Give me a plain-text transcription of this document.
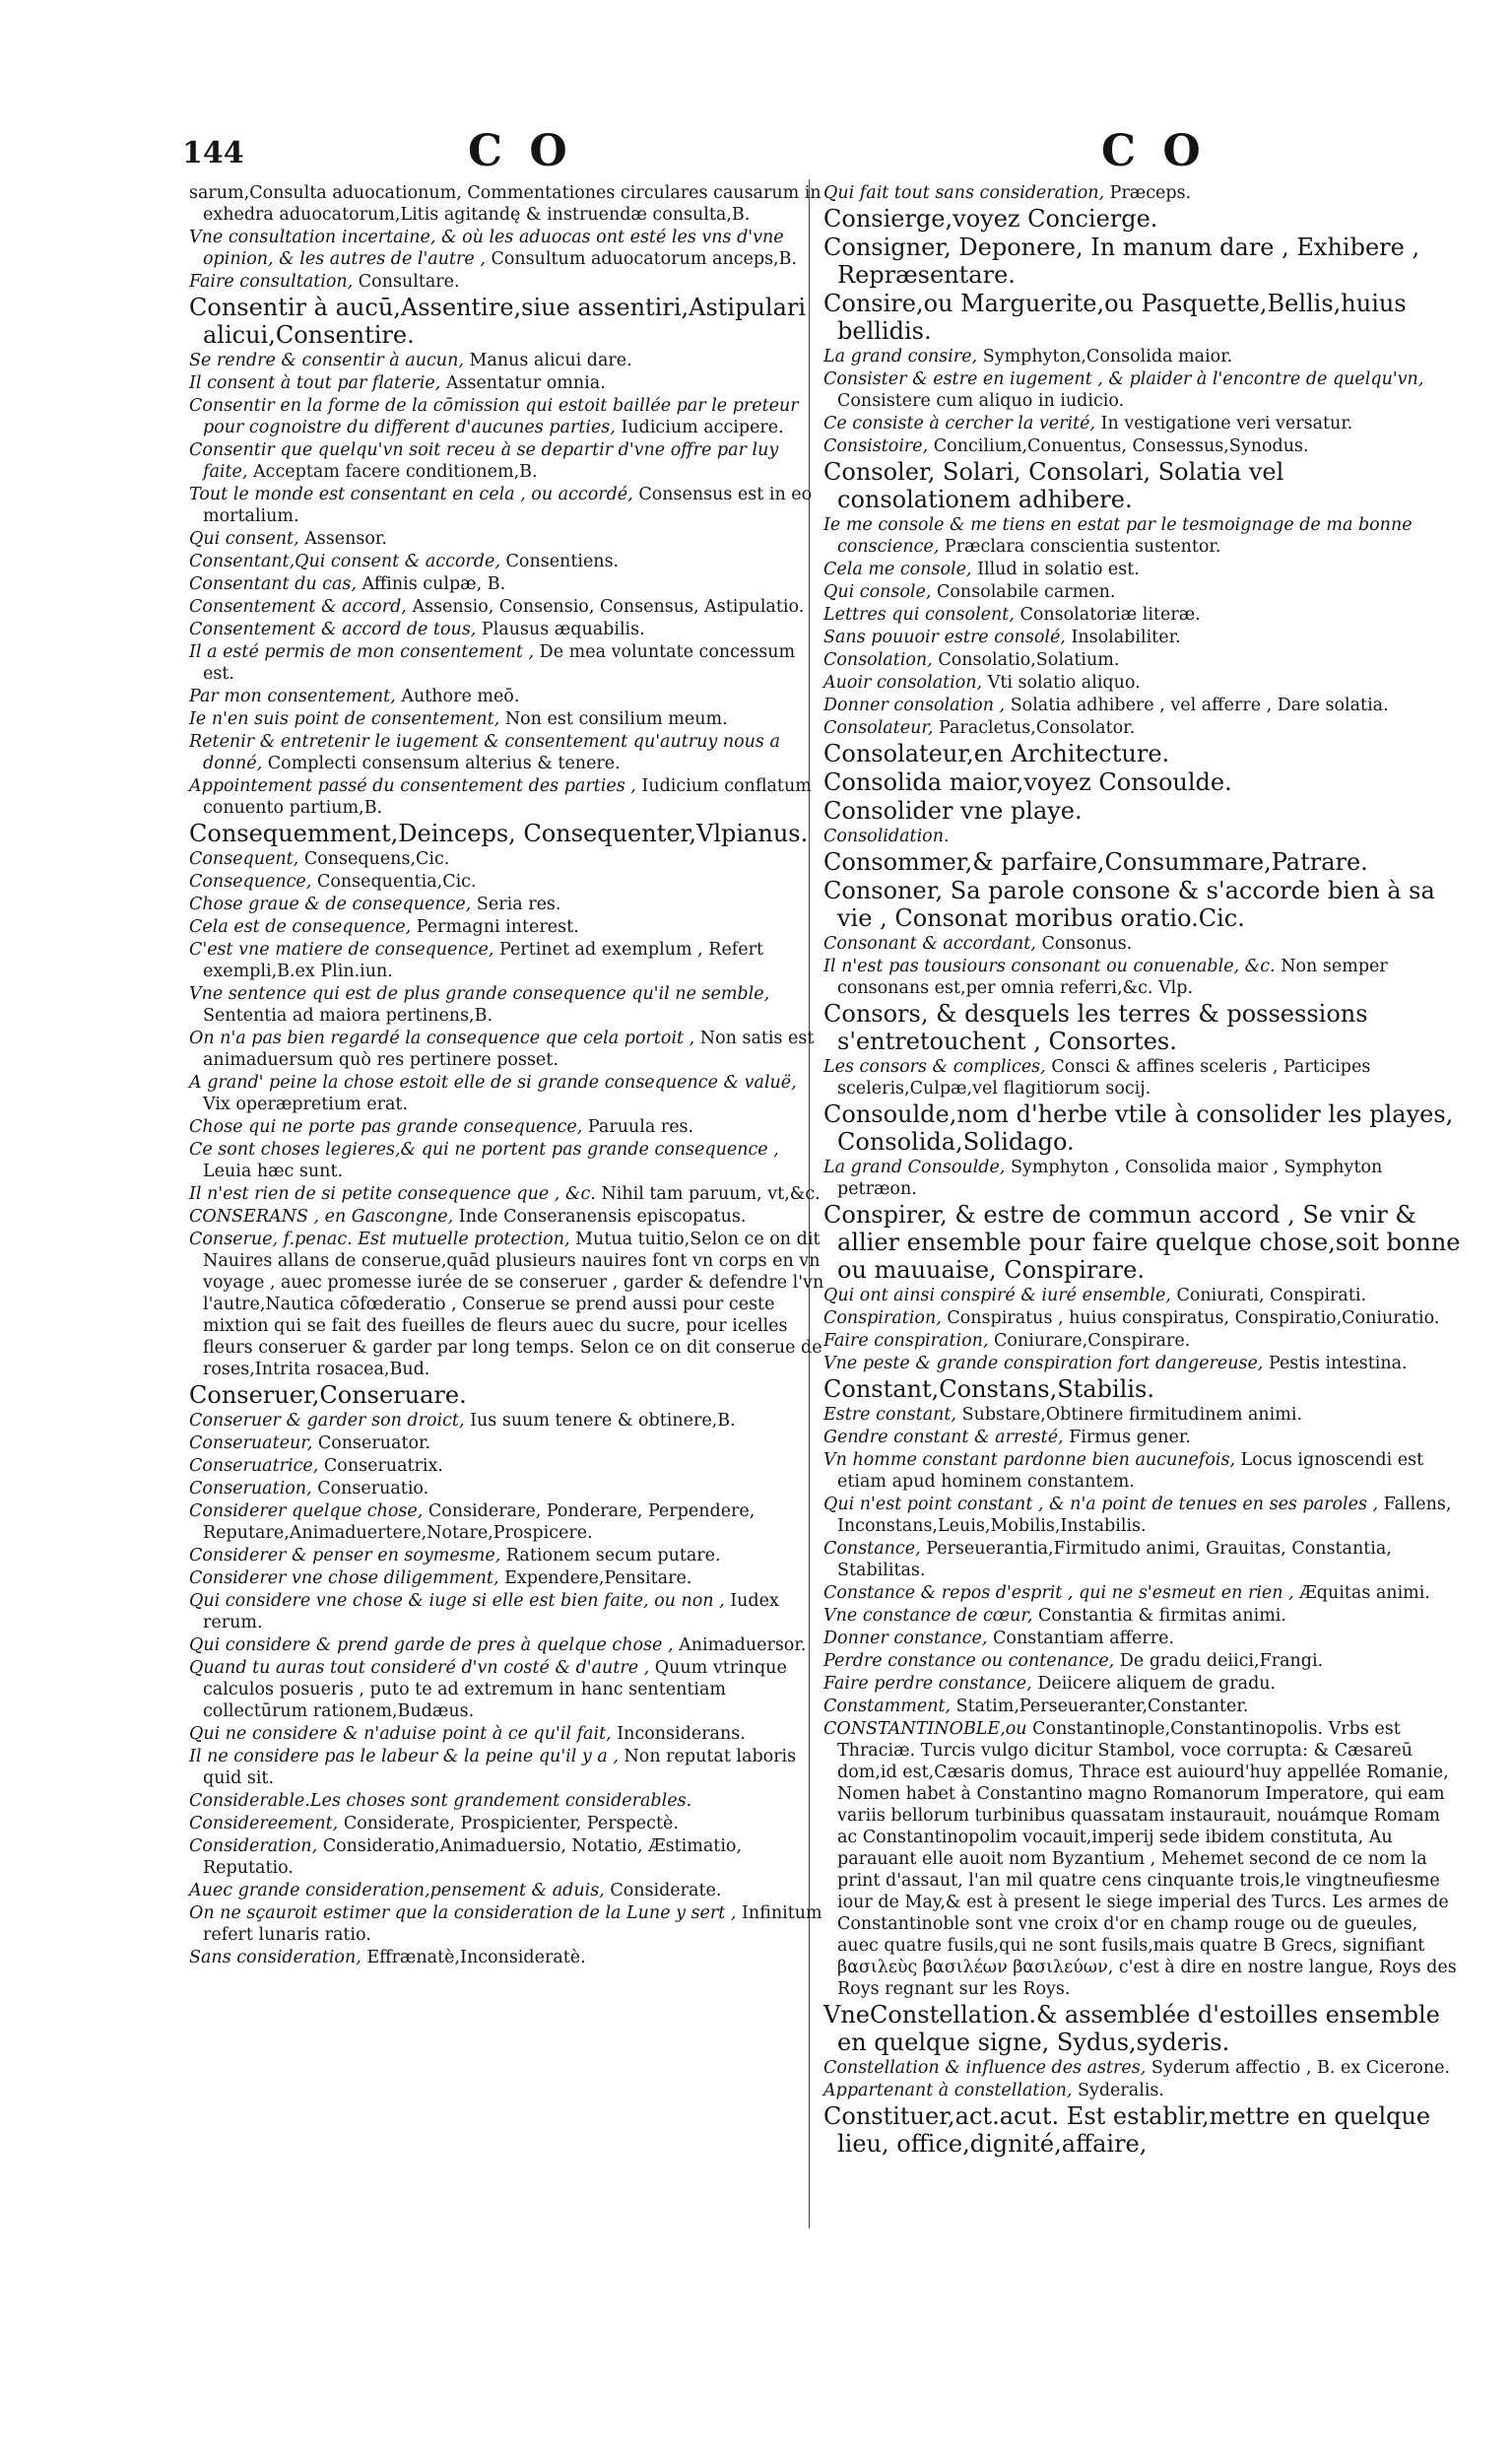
144	C O	C O
sarum,Consulta aduocationum, Commentationes circulares causarum in exhedra aduocatorum,Litis agitandę & instruendæ consulta,B.
Vne consultation incertaine, & où les aduocas ont esté les vns d'vne opinion, & les autres de l'autre , Consultum aduocatorum anceps,B.
Faire consultation, Consultare.
Consentir à aucū,Assentire,siue assentiri,Astipulari alicui,Consentire.
Se rendre & consentir à aucun, Manus alicui dare.
Il consent à tout par flaterie, Assentatur omnia.
Consentir en la forme de la cōmission qui estoit baillée par le preteur pour cognoistre du different d'aucunes parties, Iudicium accipere.
Consentir que quelqu'vn soit receu à se departir d'vne offre par luy faite, Acceptam facere conditionem,B.
Tout le monde est consentant en cela , ou accordé, Consensus est in eo mortalium.
Qui consent, Assensor.
Consentant,Qui consent & accorde, Consentiens.
Consentant du cas, Affinis culpæ, B.
Consentement & accord, Assensio, Consensio, Consensus, Astipulatio.
Consentement & accord de tous, Plausus æquabilis.
Il a esté permis de mon consentement , De mea voluntate concessum est.
Par mon consentement, Authore meō.
Ie n'en suis point de consentement, Non est consilium meum.
Retenir & entretenir le iugement & consentement qu'autruy nous a donné, Complecti consensum alterius & tenere.
Appointement passé du consentement des parties , Iudicium conflatum conuento partium,B.
Consequemment,Deinceps, Consequenter,Vlpianus.
Consequent, Consequens,Cic.
Consequence, Consequentia,Cic.
Chose graue & de consequence, Seria res.
Cela est de consequence, Permagni interest.
C'est vne matiere de consequence, Pertinet ad exemplum , Refert exempli,B.ex Plin.iun.
Vne sentence qui est de plus grande consequence qu'il ne semble, Sententia ad maiora pertinens,B.
On n'a pas bien regardé la consequence que cela portoit , Non satis est animaduersum quò res pertinere posset.
A grand' peine la chose estoit elle de si grande consequence & valuë, Vix operæpretium erat.
Chose qui ne porte pas grande consequence, Paruula res.
Ce sont choses legieres,& qui ne portent pas grande consequence , Leuia hæc sunt.
Il n'est rien de si petite consequence que , &c. Nihil tam paruum, vt,&c.
CONSERANS , en Gascongne, Inde Conseranensis episcopatus.
Conserue, f.penac. Est mutuelle protection, Mutua tuitio,Selon ce on dit Nauires allans de conserue,quād plusieurs nauires font vn corps en vn voyage , auec promesse iurée de se conseruer , garder & defendre l'vn l'autre,Nautica cōfœderatio , Conserue se prend aussi pour ceste mixtion qui se fait des fueilles de fleurs auec du sucre, pour icelles fleurs conseruer & garder par long temps. Selon ce on dit conserue de roses,Intrita rosacea,Bud.
Conseruer,Conseruare.
Conseruer & garder son droict, Ius suum tenere & obtinere,B.
Conseruateur, Conseruator.
Conseruatrice, Conseruatrix.
Conseruation, Conseruatio.
Considerer quelque chose, Considerare, Ponderare, Perpendere, Reputare,Animaduertere,Notare,Prospicere.
Considerer & penser en soymesme, Rationem secum putare.
Considerer vne chose diligemment, Expendere,Pensitare.
Qui considere vne chose & iuge si elle est bien faite, ou non , Iudex rerum.
Qui considere & prend garde de pres à quelque chose , Animaduersor.
Quand tu auras tout consideré d'vn costé & d'autre , Quum vtrinque calculos posueris , puto te ad extremum in hanc sententiam collectūrum rationem,Budæus.
Qui ne considere & n'aduise point à ce qu'il fait, Inconsiderans.
Il ne considere pas le labeur & la peine qu'il y a , Non reputat laboris quid sit.
Considerable.Les choses sont grandement considerables.
Considereement, Considerate, Prospicienter, Perspectè.
Consideration, Consideratio,Animaduersio, Notatio, Æstimatio, Reputatio.
Auec grande consideration,pensement & aduis, Considerate.
On ne sçauroit estimer que la consideration de la Lune y sert , Infinitum refert lunaris ratio.
Sans consideration, Effrænatè,Inconsideratè.
Qui fait tout sans consideration, Præceps.
Consierge,voyez Concierge.
Consigner, Deponere, In manum dare , Exhibere , Repræsentare.
Consire,ou Marguerite,ou Pasquette,Bellis,huius bellidis.
La grand consire, Symphyton,Consolida maior.
Consister & estre en iugement , & plaider à l'encontre de quelqu'vn, Consistere cum aliquo in iudicio.
Ce consiste à cercher la verité, In vestigatione veri versatur.
Consistoire, Concilium,Conuentus, Consessus,Synodus.
Consoler, Solari, Consolari, Solatia vel consolationem adhibere.
Ie me console & me tiens en estat par le tesmoignage de ma bonne conscience, Præclara conscientia sustentor.
Cela me console, Illud in solatio est.
Qui console, Consolabile carmen.
Lettres qui consolent, Consolatoriæ literæ.
Sans pouuoir estre consolé, Insolabiliter.
Consolation, Consolatio,Solatium.
Auoir consolation, Vti solatio aliquo.
Donner consolation , Solatia adhibere , vel afferre , Dare solatia.
Consolateur, Paracletus,Consolator.
Consolateur,en Architecture.
Consolida maior,voyez Consoulde.
Consolider vne playe.
Consolidation.
Consommer,& parfaire,Consummare,Patrare.
Consoner, Sa parole consone & s'accorde bien à sa vie , Consonat moribus oratio.Cic.
Consonant & accordant, Consonus.
Il n'est pas tousiours consonant ou conuenable, &c. Non semper consonans est,per omnia referri,&c. Vlp.
Consors, & desquels les terres & possessions s'entretouchent , Consortes.
Les consors & complices, Consci & affines sceleris , Participes sceleris,Culpæ,vel flagitiorum socij.
Consoulde,nom d'herbe vtile à consolider les playes, Consolida,Solidago.
La grand Consoulde, Symphyton , Consolida maior , Symphyton petræon.
Conspirer, & estre de commun accord , Se vnir & allier ensemble pour faire quelque chose,soit bonne ou mauuaise, Conspirare.
Qui ont ainsi conspiré & iuré ensemble, Coniurati, Conspirati.
Conspiration, Conspiratus , huius conspiratus, Conspiratio,Coniuratio.
Faire conspiration, Coniurare,Conspirare.
Vne peste & grande conspiration fort dangereuse, Pestis intestina.
Constant,Constans,Stabilis.
Estre constant, Substare,Obtinere firmitudinem animi.
Gendre constant & arresté, Firmus gener.
Vn homme constant pardonne bien aucunefois, Locus ignoscendi est etiam apud hominem constantem.
Qui n'est point constant , & n'a point de tenues en ses paroles , Fallens, Inconstans,Leuis,Mobilis,Instabilis.
Constance, Perseuerantia,Firmitudo animi, Grauitas, Constantia, Stabilitas.
Constance & repos d'esprit , qui ne s'esmeut en rien , Æquitas animi.
Vne constance de cœur, Constantia & firmitas animi.
Donner constance, Constantiam afferre.
Perdre constance ou contenance, De gradu deiici,Frangi.
Faire perdre constance, Deiicere aliquem de gradu.
Constamment, Statim,Perseueranter,Constanter.
CONSTANTINOBLE,ou Constantinople,Constantinopolis. Vrbs est Thraciæ. Turcis vulgo dicitur Stambol, voce corrupta: & Cæsareū dom,id est,Cæsaris domus, Thrace est auiourd'huy appellée Romanie, Nomen habet à Constantino magno Romanorum Imperatore, qui eam variis bellorum turbinibus quassatam instaurauit, nouámque Romam ac Constantinopolim vocauit,imperij sede ibidem constituta, Au parauant elle auoit nom Byzantium , Mehemet second de ce nom la print d'assaut, l'an mil quatre cens cinquante trois,le vingtneufiesme iour de May,& est à present le siege imperial des Turcs. Les armes de Constantinoble sont vne croix d'or en champ rouge ou de gueules, auec quatre fusils,qui ne sont fusils,mais quatre B Grecs, signifiant βασιλεὺς βασιλέων βασιλεύων, c'est à dire en nostre langue, Roys des Roys regnant sur les Roys.
VneConstellation.& assemblée d'estoilles ensemble en quelque signe, Sydus,syderis.
Constellation & influence des astres, Syderum affectio , B. ex Cicerone.
Appartenant à constellation, Syderalis.
Constituer,act.acut. Est establir,mettre en quelque lieu, office,dignité,affaire,
